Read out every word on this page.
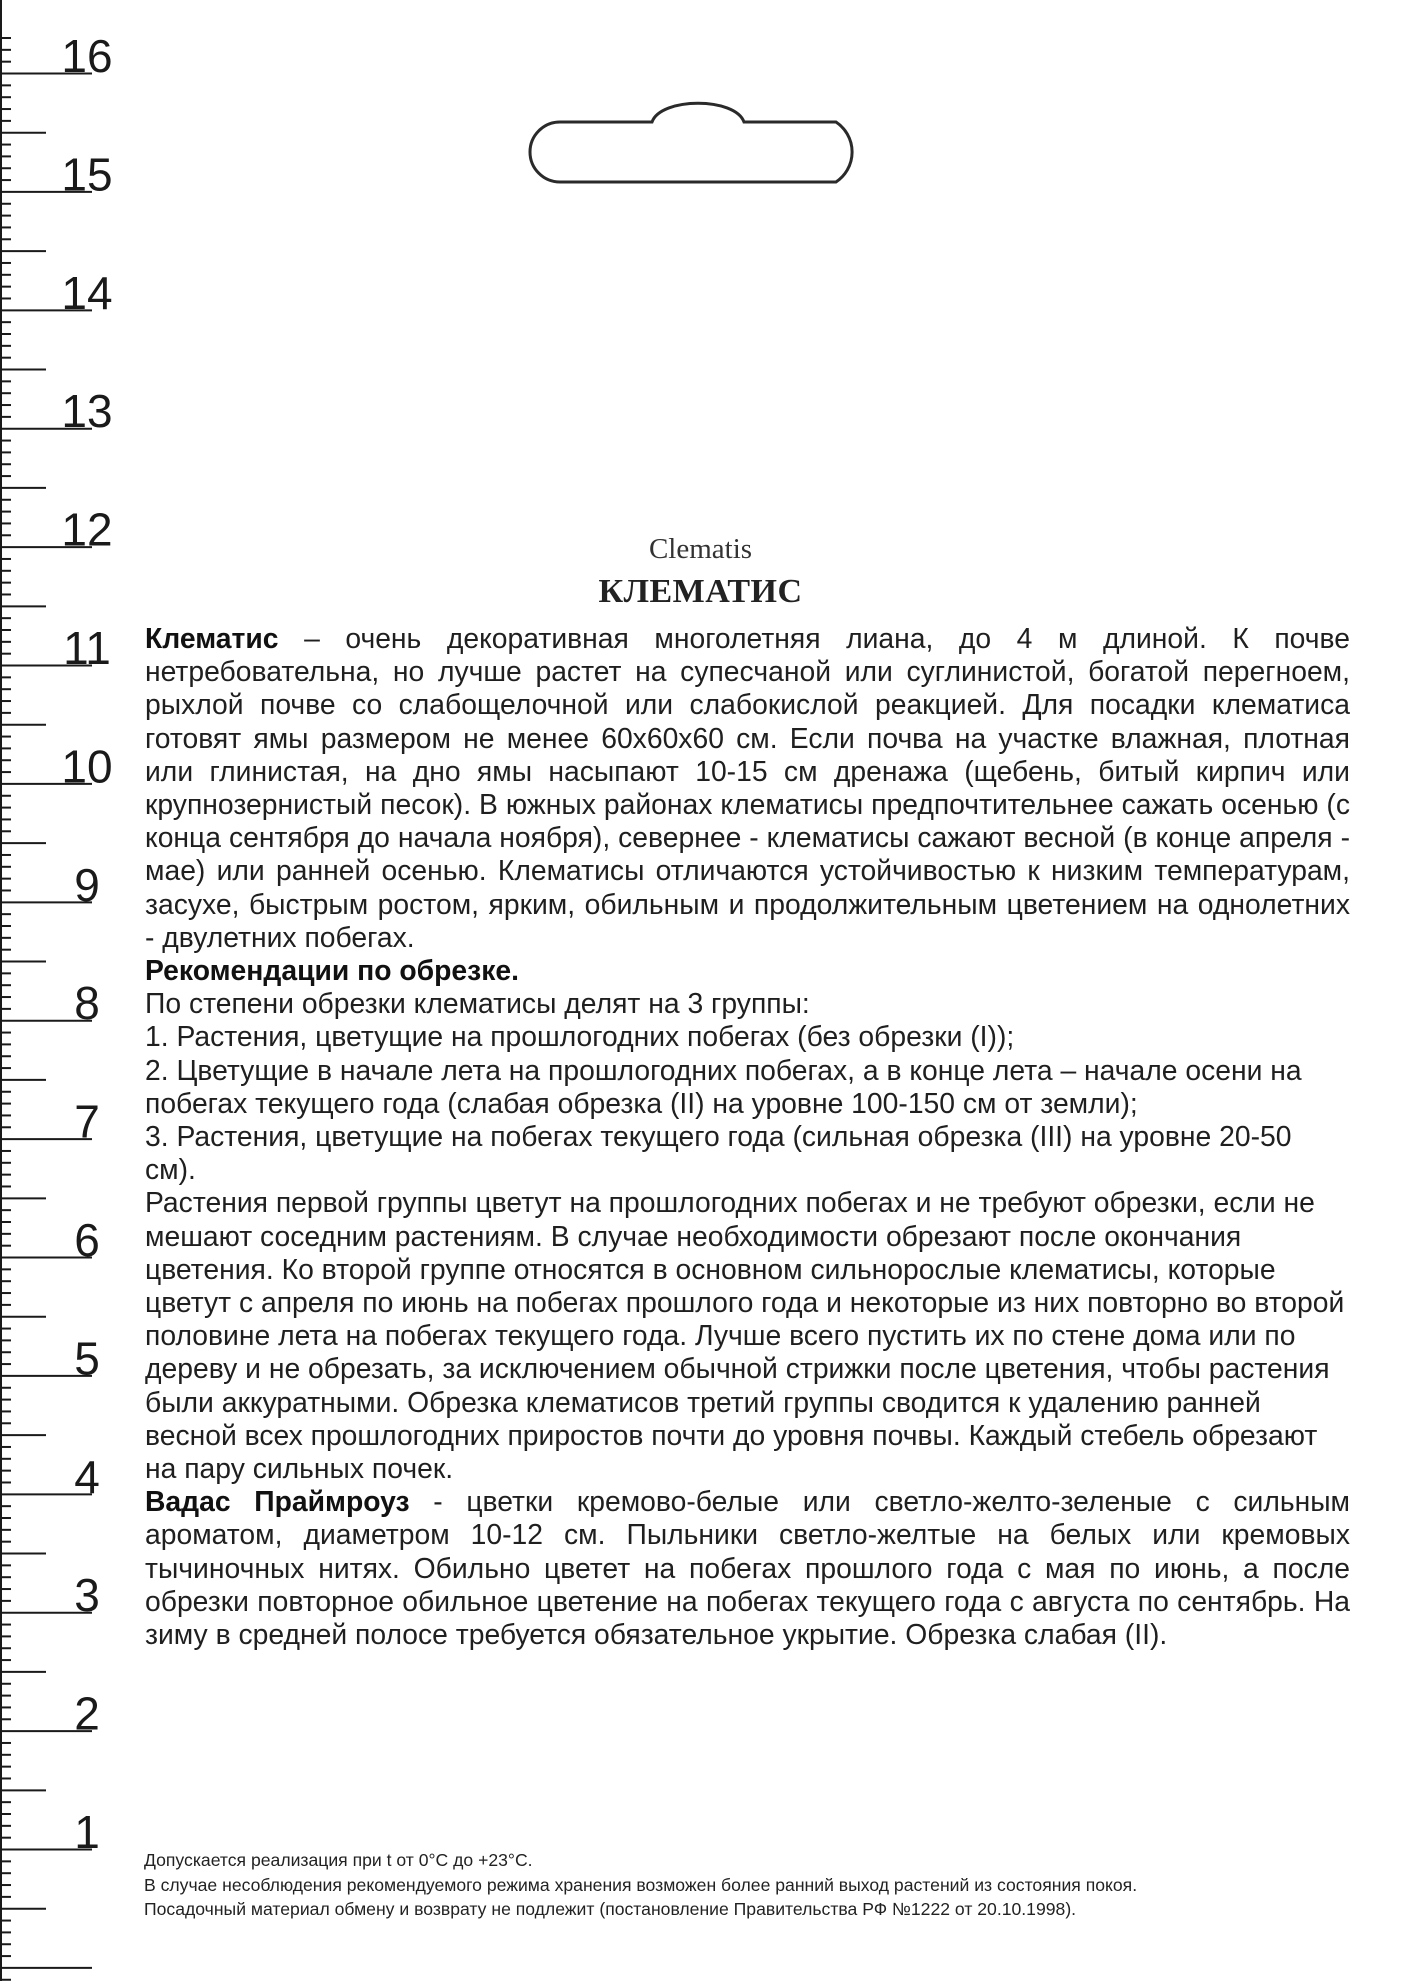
16
15
14
13
12
11
10
9
8
7
6
5
4
3
2
1
Clematis
КЛЕМАТИС

Клематис – очень декоративная многолетняя лиана, до 4 м длиной. К почве нетребовательна, но лучше растет на супесчаной или суглинистой, богатой перегноем, рыхлой почве со слабощелочной или слабокислой реакцией. Для посадки клематиса готовят ямы размером не менее 60х60х60 см. Если почва на участке влажная, плотная или глинистая, на дно ямы насыпают 10-15 см дренажа (щебень, битый кирпич или крупнозернистый песок). В южных районах клематисы предпочтительнее сажать осенью (с конца сентября до начала ноября), севернее - клематисы сажают весной (в конце апреля - мае) или ранней осенью. Клематисы отличаются устойчивостью к низким температурам, засухе, быстрым ростом, ярким, обильным и продолжительным цветением на однолетних - двулетних побегах.

Рекомендации по обрезке.

По степени обрезки клематисы делят на 3 группы:

1. Растения, цветущие на прошлогодних побегах (без обрезки (I));

2. Цветущие в начале лета на прошлогодних побегах, а в конце лета – начале осени на побегах текущего года (слабая обрезка (II) на уровне 100-150 см от земли);

3. Растения, цветущие на побегах текущего года (сильная обрезка (III) на уровне 20-50 см).

Растения первой группы цветут на прошлогодних побегах и не требуют обрезки, если не мешают соседним растениям. В случае необходимости обрезают после окончания цветения. Ко второй группе относятся в основном сильнорослые клематисы, которые цветут с апреля по июнь на побегах прошлого года и некоторые из них повторно во второй половине лета на побегах текущего года. Лучше всего пустить их по стене дома или по дереву и не обрезать, за исключением обычной стрижки после цветения, чтобы растения были аккуратными. Обрезка клематисов третий группы сводится к удалению ранней весной всех прошлогодних приростов почти до уровня почвы. Каждый стебель обрезают на пару сильных почек.

Вадас Праймроуз - цветки кремово-белые или светло-желто-зеленые с сильным ароматом, диаметром 10-12 см. Пыльники светло-желтые на белых или кремовых тычиночных нитях. Обильно цветет на побегах прошлого года с мая по июнь, а после обрезки повторное обильное цветение на побегах текущего года с августа по сентябрь. На зиму в средней полосе требуется обязательное укрытие. Обрезка слабая (II).

Допускается реализация при t от 0°С до +23°С.

В случае несоблюдения рекомендуемого режима хранения возможен более ранний выход растений из состояния покоя.

Посадочный материал обмену и возврату не подлежит (постановление Правительства РФ №1222 от 20.10.1998).
